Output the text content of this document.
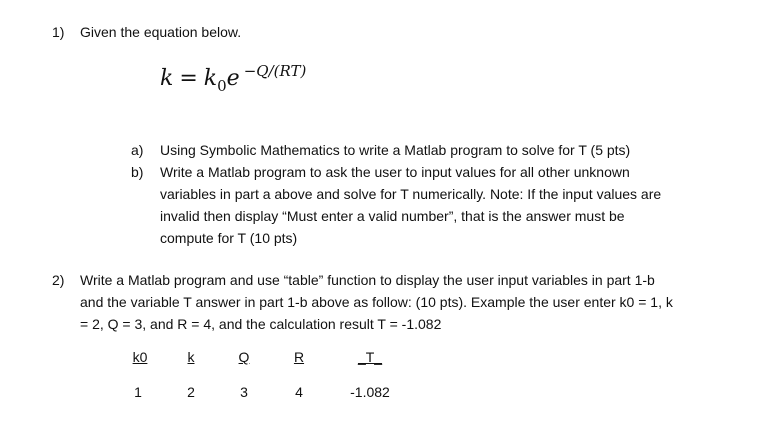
1) Given the equation below.
$k = k_0e$ $^{-Q/(RT)}$
a) Using Symbolic Mathematics to write a Matlab program to solve for T (5 pts)
b) Write a Matlab program to ask the user to input values for all other unknown
variables in part a above and solve for T numerically. Note: If the input values are
invalid then display “Must enter a valid number”, that is the answer must be
compute for T (10 pts)
2) Write a Matlab program and use “table” function to display the user input variables in part 1-b
and the variable T answer in part 1-b above as follow: (10 pts). Example the user enter k0 = 1, k
= 2, Q = 3, and R = 4, and the calculation result T = -1.082
k0	k	Q	R	_T_
1	2	3	4	-1.082
